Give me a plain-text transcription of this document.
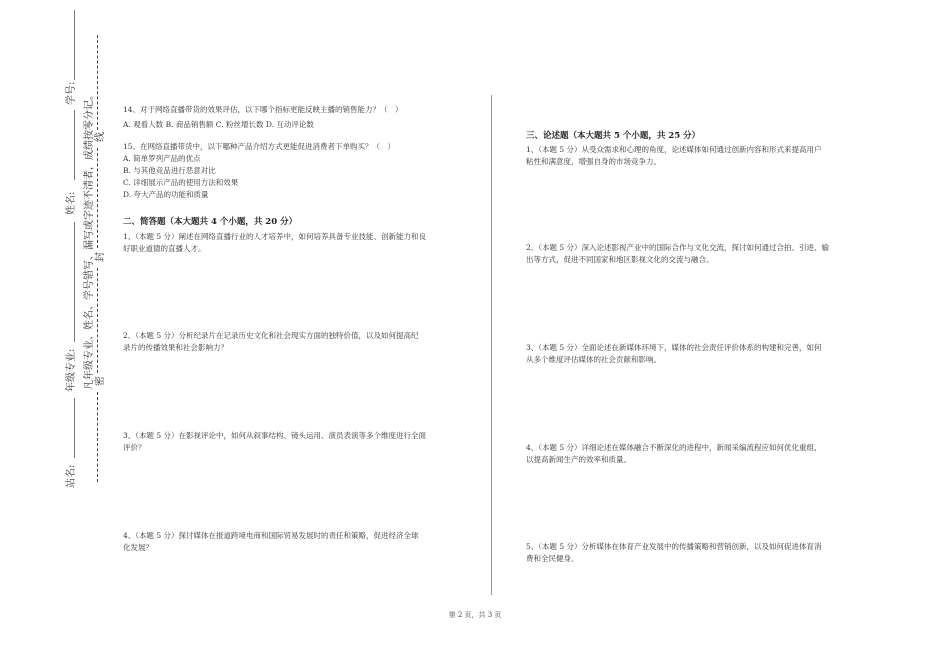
学号:
姓名:
年级专业:
站名:
凡年级专业、姓名、学号错写、漏写或字迹不清者，成绩按零分记。 线
封
密
14、对于网络直播带货的效果评估，以下哪个指标更能反映主播的销售能力？（　）
A. 观看人数 B. 商品销售额 C. 粉丝增长数 D. 互动评论数
15、在网络直播带货中，以下哪种产品介绍方式更能促进消费者下单购买？（　）
A. 简单罗列产品的优点
B. 与其他竞品进行恶意对比
C. 详细展示产品的使用方法和效果
D. 夸大产品的功能和质量
二、简答题（本大题共 4 个小题，共 20 分）
1、（本题 5 分）阐述在网络直播行业的人才培养中，如何培养具备专业技能、创新能力和良
好职业道德的直播人才。
2、（本题 5 分）分析纪录片在记录历史文化和社会现实方面的独特价值，以及如何提高纪
录片的传播效果和社会影响力？
3、（本题 5 分）在影视评论中，如何从叙事结构、镜头运用、演员表演等多个维度进行全面
评价？
4、（本题 5 分）探讨媒体在报道跨境电商和国际贸易发展时的责任和策略，促进经济全球
化发展？
三、论述题（本大题共 5 个小题，共 25 分）
1、（本题 5 分）从受众需求和心理的角度，论述媒体如何通过创新内容和形式来提高用户
粘性和满意度，增强自身的市场竞争力。
2、（本题 5 分）深入论述影视产业中的国际合作与文化交流，探讨如何通过合拍、引进、输
出等方式，促进不同国家和地区影视文化的交流与融合。
3、（本题 5 分）全面论述在新媒体环境下，媒体的社会责任评价体系的构建和完善，如何
从多个维度评估媒体的社会贡献和影响。
4、（本题 5 分）详细论述在媒体融合不断深化的进程中，新闻采编流程应如何优化重组，
以提高新闻生产的效率和质量。
5、（本题 5 分）分析媒体在体育产业发展中的传播策略和营销创新，以及如何促进体育消
费和全民健身。
第 2 页，共 3 页
